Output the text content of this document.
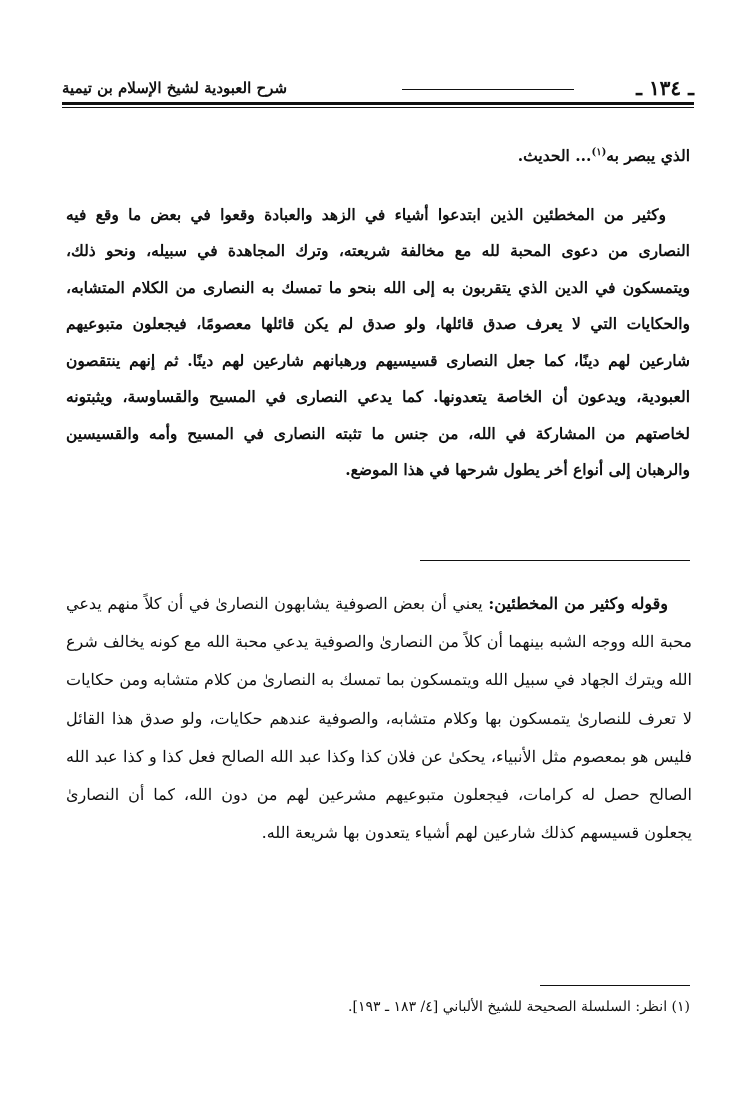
ـ ١٣٤ ـ
شرح العبودية لشيخ الإسلام بن تيمية

الذي يبصر به$^{(١)}$... الحديث.

وكثير من المخطئين الذين ابتدعوا أشياء في الزهد والعبادة وقعوا في بعض ما وقع فيه النصارى من دعوى المحبة لله مع مخالفة شريعته، وترك المجاهدة في سبيله، ونحو ذلك، ويتمسكون في الدين الذي يتقربون به إلى الله بنحو ما تمسك به النصارى من الكلام المتشابه، والحكايات التي لا يعرف صدق قائلها، ولو صدق لم يكن قائلها معصومًا، فيجعلون متبوعيهم شارعين لهم دينًا، كما جعل النصارى قسيسيهم ورهبانهم شارعين لهم دينًا. ثم إنهم ينتقصون العبودية، ويدعون أن الخاصة يتعدونها. كما يدعي النصارى في المسيح والقساوسة، ويثبتونه لخاصتهم من المشاركة في الله، من جنس ما تثبته النصارى في المسيح وأمه والقسيسين والرهبان إلى أنواع أخر يطول شرحها في هذا الموضع.

وقوله وكثير من المخطئين: يعني أن بعض الصوفية يشابهون النصارىٰ في أن كلاً منهم يدعي محبة الله ووجه الشبه بينهما أن كلاً من النصارىٰ والصوفية يدعي محبة الله مع كونه يخالف شرع الله ويترك الجهاد في سبيل الله ويتمسكون بما تمسك به النصارىٰ من كلام متشابه ومن حكايات لا تعرف للنصارىٰ يتمسكون بها وكلام متشابه، والصوفية عندهم حكايات، ولو صدق هذا القائل فليس هو بمعصوم مثل الأنبياء، يحكىٰ عن فلان كذا وكذا عبد الله الصالح فعل كذا و كذا عبد الله الصالح حصل له كرامات، فيجعلون متبوعيهم مشرعين لهم من دون الله، كما أن النصارىٰ يجعلون قسيسهم كذلك شارعين لهم أشياء يتعدون بها شريعة الله.

(١) انظر: السلسلة الصحيحة للشيخ الألباني [٤/ ١٨٣ ـ ١٩٣].
